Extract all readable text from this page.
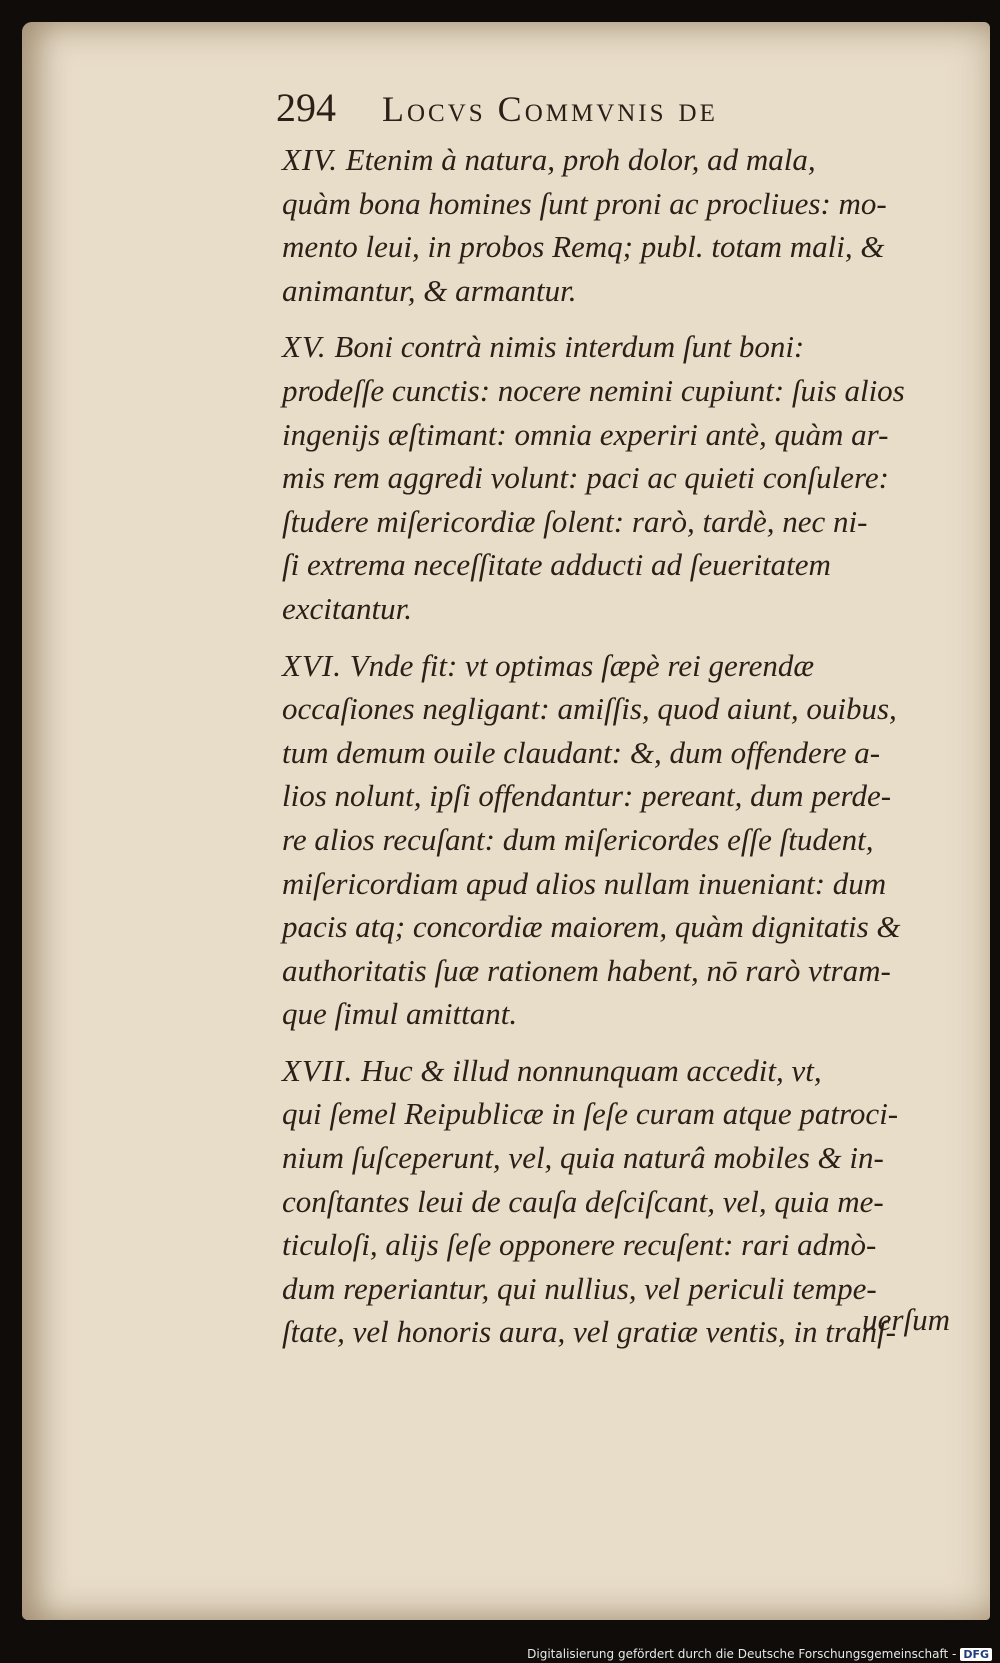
294 Locvs Commvnis de

XIV. Etenim à natura, proh dolor, ad mala,
quàm bona homines ſunt proni ac procliues: mo-
mento leui, in probos Remq; publ. totam mali, &
animantur, & armantur.

XV. Boni contrà nimis interdum ſunt boni:
prodeſſe cunctis: nocere nemini cupiunt: ſuis alios
ingenijs æſtimant: omnia experiri antè, quàm ar-
mis rem aggredi volunt: paci ac quieti conſulere:
ſtudere miſericordiæ ſolent: rarò, tardè, nec ni-
ſi extrema neceſſitate adducti ad ſeueritatem
excitantur.

XVI. Vnde fit: vt optimas ſæpè rei gerendæ
occaſiones negligant: amiſſis, quod aiunt, ouibus,
tum demum ouile claudant: &, dum offendere a-
lios nolunt, ipſi offendantur: pereant, dum perde-
re alios recuſant: dum miſericordes eſſe ſtudent,
miſericordiam apud alios nullam inueniant: dum
pacis atq; concordiæ maiorem, quàm dignitatis &
authoritatis ſuæ rationem habent, nō rarò vtram-
que ſimul amittant.

XVII. Huc & illud nonnunquam accedit, vt,
qui ſemel Reipublicæ in ſeſe curam atque patroci-
nium ſuſceperunt, vel, quia naturâ mobiles & in-
conſtantes leui de cauſa deſciſcant, vel, quia me-
ticuloſi, alijs ſeſe opponere recuſent: rari admò-
dum reperiantur, qui nullius, vel periculi tempe-
ſtate, vel honoris aura, vel gratiæ ventis, in tranſ-

uerſum
Digitalisierung gefördert durch die Deutsche Forschungsgemeinschaft - DFG
